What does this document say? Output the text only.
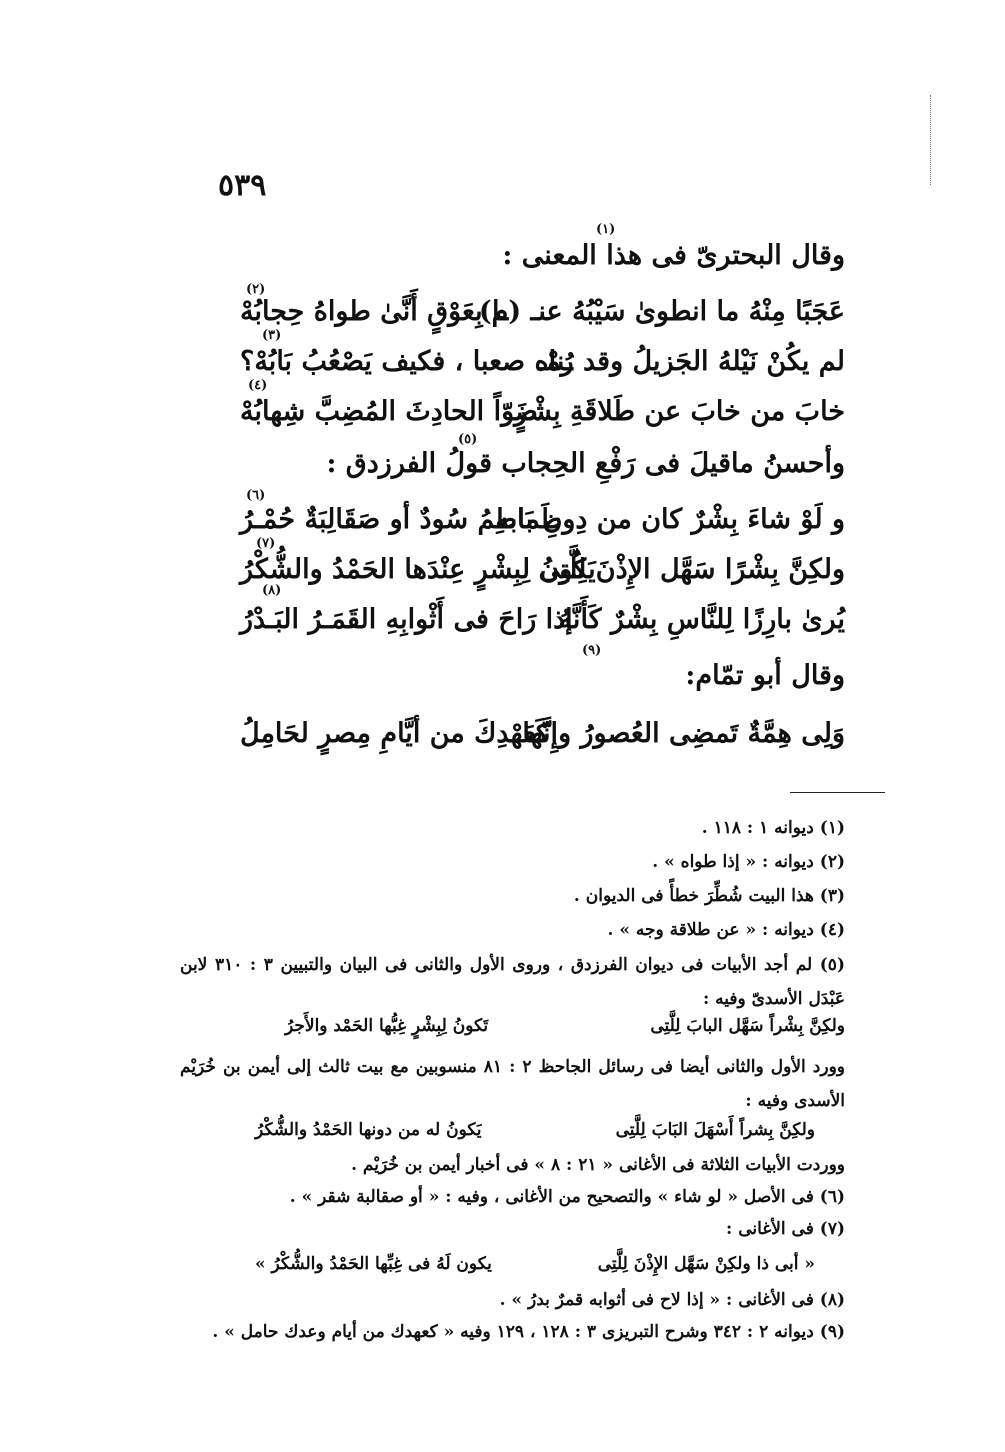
٥٣٩
(١)
(٢)
(٣)
(٤)
(٥)
(٦)
(٧)
(٨)
(٩)
وقال البحترىّ فى هذا المعنى :
عَجَبًا مِنْهُ ما انطوىٰ سَيْبُهُ عنـ (م)
ـا بِعَوْقٍ أَنَّىٰ طواهُ حِجابُهْ
لم يكُنْ نَيْلهُ الجَزيلُ وقد رُمْـ
ـناه صعبا ، فكيف يَصْعُبُ بَابُهْ؟
خابَ من خابَ عن طَلاقَةِ بِشْرٍ
ضَوّاً الحادِثَ المُضِبَّ شِهابُهْ
وأحسنُ ماقيلَ فى رَفْعِ الحِجاب قولُ الفرزدق :
و لَوْ شاءَ بِشْرٌ كان من دِونِ بَابه
طَماطِمُ سُودٌ أو صَقَالِبَةٌ حُمْـرُ
ولكِنَّ بِشْرًا سَهَّل الإِذْنَ لِلَّتِى
يَكُونُ لِبِشْرٍ عِنْدَها الحَمْدُ والشُّكْرُ
يُرىٰ بارِزًا لِلنَّاسِ بِشْرٌ كَأَنَّهُ
إذا رَاحَ فى أَثْوابِهِ القَمَـرُ البَـدْرُ
وقال أبو تمّام:
وَلِى هِمَّةٌ تَمضِى العُصورُ وإِنَّها
كَعَهْدِكَ من أيَّامِ مِصرٍ لحَامِلُ
(١) ديوانه ١ : ١١٨ .
(٢) ديوانه : « إذا طواه » .
(٣) هذا البيت شُطِّرَ خطأً فى الديوان .
(٤) ديوانه : « عن طلاقة وجه » .
(٥) لم أجد الأبيات فى ديوان الفرزدق ، وروى الأول والثانى فى البيان والتبيين ٣ : ٣١٠ لابن عَبْدَل الأسدىّ وفيه :
ولكِنَّ بِشْراً سَهَّل البابَ لِلَّتِى
تَكونُ لِبِشْرٍ غِبُّها الحَمْد والأَجرُ
وورد الأول والثانى أيضا فى رسائل الجاحظ ٢ : ٨١ منسوبين مع بيت ثالث إلى أيمن بن خُرَيْم الأسدى وفيه :
ولكِنَّ بِشراً أَسْهَلَ البَابَ لِلَّتِى
يَكونُ له من دونها الحَمْدُ والشُّكْرُ
ووردت الأبيات الثلاثة فى الأغانى « ٢١ : ٨ » فى أخبار أيمن بن خُرَيْم .
(٦) فى الأصل « لو شاء » والتصحيح من الأغانى ، وفيه : « أو صقالبة شقر » .
(٧) فى الأغانى :
« أبى ذا ولكِنْ سَهَّل الإِذْنَ لِلَّتِى
يكون لَهُ فى غِبِّها الحَمْدُ والشُّكْرُ »
(٨) فى الأغانى : « إذا لاح فى أثوابه قمرٌ بدرُ » .
(٩) ديوانه ٢ : ٣٤٢ وشرح التبريزى ٣ : ١٢٨ ، ١٢٩ وفيه « كعهدك من أيام وعدك حامل » .
